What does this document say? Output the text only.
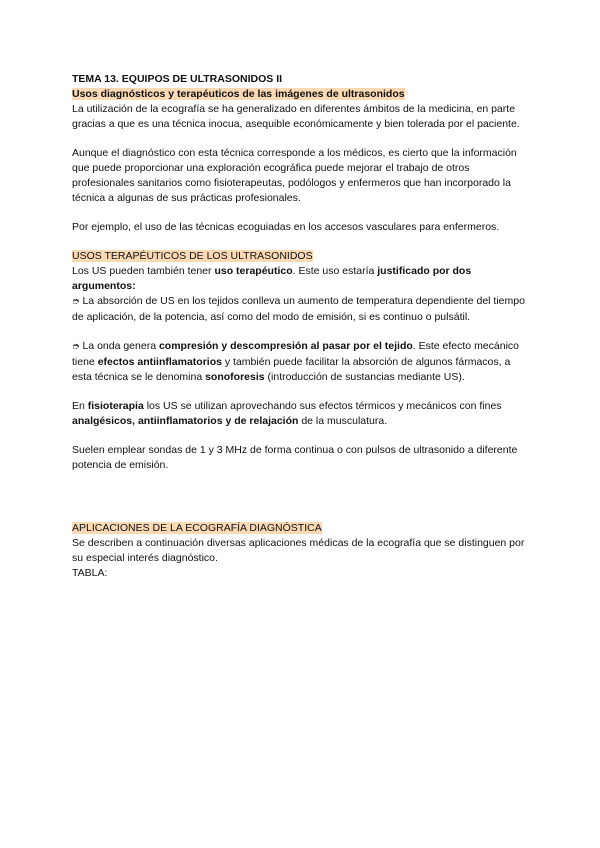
TEMA 13. EQUIPOS DE ULTRASONIDOS II

Usos diagnósticos y terapéuticos de las imágenes de ultrasonidos

La utilización de la ecografía se ha generalizado en diferentes ámbitos de la medicina, en parte gracias a que es una técnica inocua, asequible económicamente y bien tolerada por el paciente.

Aunque el diagnóstico con esta técnica corresponde a los médicos, es cierto que la información que puede proporcionar una exploración ecográfica puede mejorar el trabajo de otros profesionales sanitarios como fisioterapeutas, podólogos y enfermeros que han incorporado la técnica a algunas de sus prácticas profesionales.

Por ejemplo, el uso de las técnicas ecoguiadas en los accesos vasculares para enfermeros.

USOS TERAPÉUTICOS DE LOS ULTRASONIDOS

Los US pueden también tener uso terapéutico. Este uso estaría justificado por dos argumentos:

➮ La absorción de US en los tejidos conlleva un aumento de temperatura dependiente del tiempo de aplicación, de la potencia, así como del modo de emisión, si es continuo o pulsátil.

➮ La onda genera compresión y descompresión al pasar por el tejido. Este efecto mecánico tiene efectos antiinflamatorios y también puede facilitar la absorción de algunos fármacos, a esta técnica se le denomina sonoforesis (introducción de sustancias mediante US).

En fisioterapia los US se utilizan aprovechando sus efectos térmicos y mecánicos con fines analgésicos, antiinflamatorios y de relajación de la musculatura.

Suelen emplear sondas de 1 y 3 MHz de forma continua o con pulsos de ultrasonido a diferente potencia de emisión.

APLICACIONES DE LA ECOGRAFÍA DIAGNÓSTICA

Se describen a continuación diversas aplicaciones médicas de la ecografía que se distinguen por su especial interés diagnóstico.

TABLA:
